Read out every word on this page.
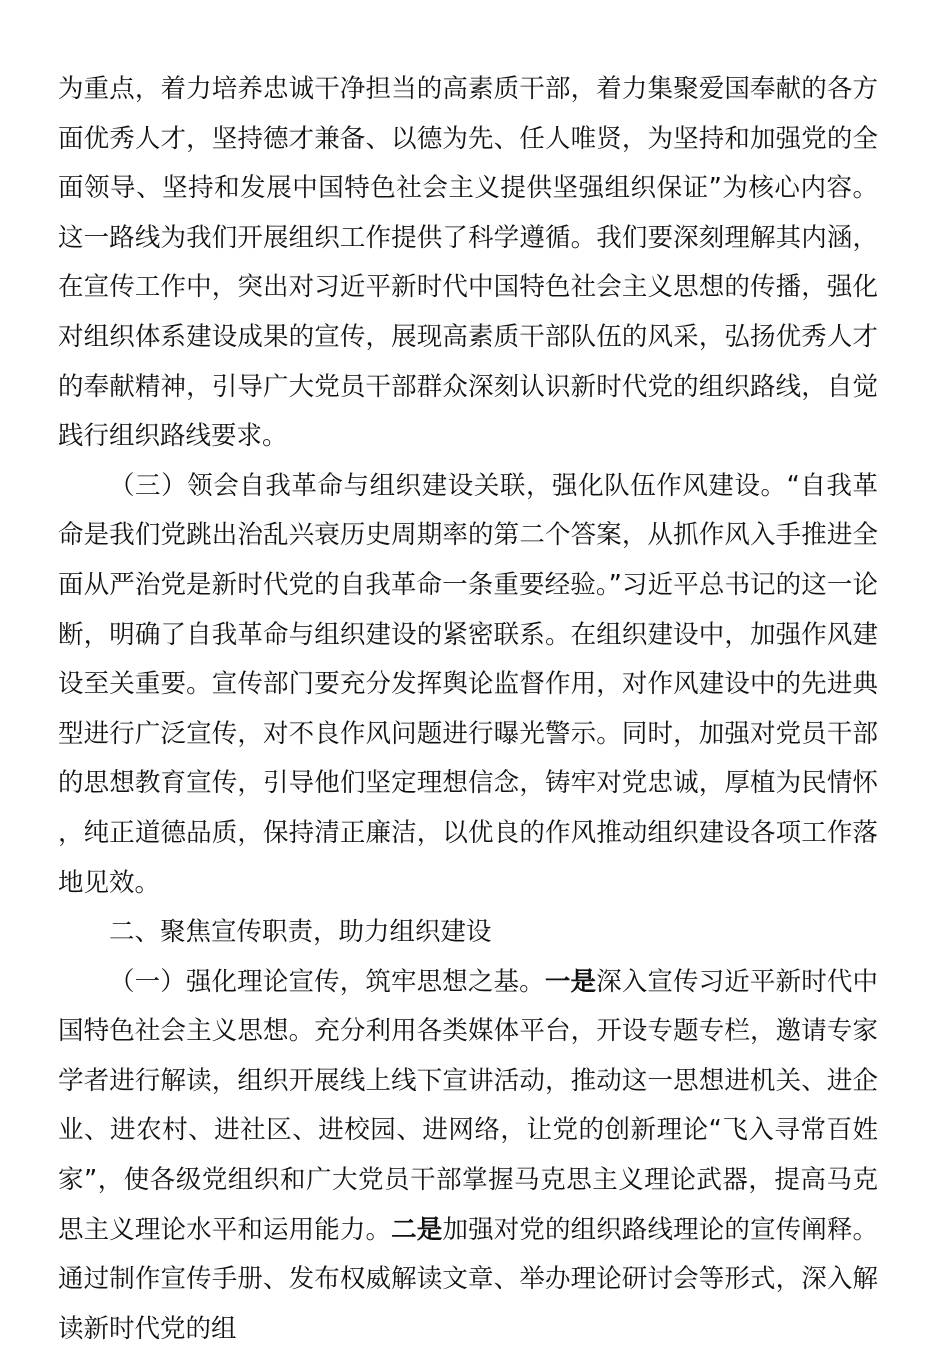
为重点，着力培养忠诚干净担当的高素质干部，着力集聚爱国奉献的各方面优秀人才，坚持德才兼备、以德为先、任人唯贤，为坚持和加强党的全面领导、坚持和发展中国特色社会主义提供坚强组织保证”为核心内容。这一路线为我们开展组织工作提供了科学遵循。我们要深刻理解其内涵，在宣传工作中，突出对习近平新时代中国特色社会主义思想的传播，强化对组织体系建设成果的宣传，展现高素质干部队伍的风采，弘扬优秀人才的奉献精神，引导广大党员干部群众深刻认识新时代党的组织路线，自觉践行组织路线要求。

（三）领会自我革命与组织建设关联，强化队伍作风建设。“自我革命是我们党跳出治乱兴衰历史周期率的第二个答案，从抓作风入手推进全面从严治党是新时代党的自我革命一条重要经验。”习近平总书记的这一论断，明确了自我革命与组织建设的紧密联系。在组织建设中，加强作风建设至关重要。宣传部门要充分发挥舆论监督作用，对作风建设中的先进典型进行广泛宣传，对不良作风问题进行曝光警示。同时，加强对党员干部的思想教育宣传，引导他们坚定理想信念，铸牢对党忠诚，厚植为民情怀，纯正道德品质，保持清正廉洁，以优良的作风推动组织建设各项工作落地见效。

二、聚焦宣传职责，助力组织建设

（一）强化理论宣传，筑牢思想之基。一是深入宣传习近平新时代中国特色社会主义思想。充分利用各类媒体平台，开设专题专栏，邀请专家学者进行解读，组织开展线上线下宣讲活动，推动这一思想进机关、进企业、进农村、进社区、进校园、进网络，让党的创新理论“飞入寻常百姓家”，使各级党组织和广大党员干部掌握马克思主义理论武器，提高马克思主义理论水平和运用能力。二是加强对党的组织路线理论的宣传阐释。通过制作宣传手册、发布权威解读文章、举办理论研讨会等形式，深入解读新时代党的组
